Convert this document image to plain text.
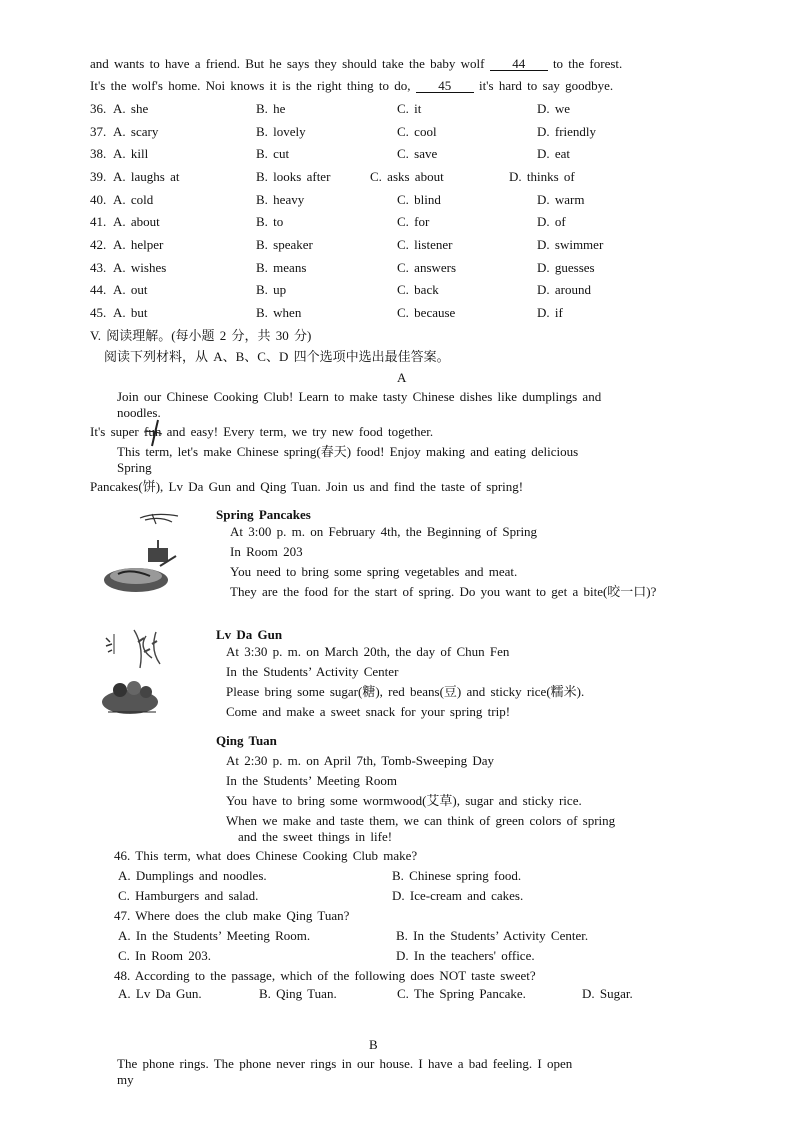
and wants to have a friend. But he says they should take the baby wolf 44 to the forest.
It's the wolf's home. Noi knows it is the right thing to do, 45 it's hard to say goodbye.
36. A. she	B. he	C. it	D. we
37. A. scary	B. lovely	C. cool	D. friendly
38. A. kill	B. cut	C. save	D. eat
39. A. laughs at	B. looks after	C. asks about	D. thinks of
40. A. cold	B. heavy	C. blind	D. warm
41. A. about	B. to	C. for	D. of
42. A. helper	B. speaker	C. listener	D. swimmer
43. A. wishes	B. means	C. answers	D. guesses
44. A. out	B. up	C. back	D. around
45. A. but	B. when	C. because	D. if
V. 阅读理解。(每小题 2 分，共 30 分)
阅读下列材料，从 A、B、C、D 四个选项中选出最佳答案。
A
Join our Chinese Cooking Club! Learn to make tasty Chinese dishes like dumplings and
noodles.
It's super fun and easy! Every term, we try new food together.
This term, let's make Chinese spring(春天) food! Enjoy making and eating delicious
Spring
Pancakes(饼), Lv Da Gun and Qing Tuan. Join us and find the taste of spring!
Spring Pancakes
At 3:00 p. m. on February 4th, the Beginning of Spring
In Room 203
You need to bring some spring vegetables and meat.
They are the food for the start of spring. Do you want to get a bite(咬一口)?
Lv Da Gun
At 3:30 p. m. on March 20th, the day of Chun Fen
In the Students’ Activity Center
Please bring some sugar(糖), red beans(豆) and sticky rice(糯米).
Come and make a sweet snack for your spring trip!
Qing Tuan
At 2:30 p. m. on April 7th, Tomb-Sweeping Day
In the Students’ Meeting Room
You have to bring some wormwood(艾草), sugar and sticky rice.
When we make and taste them, we can think of green colors of spring
and the sweet things in life!
46. This term, what does Chinese Cooking Club make?
A. Dumplings and noodles.	B. Chinese spring food.
C. Hamburgers and salad.	D. Ice-cream and cakes.
47. Where does the club make Qing Tuan?
A. In the Students’ Meeting Room.	B. In the Students’ Activity Center.
C. In Room 203.	D. In the teachers' office.
48. According to the passage, which of the following does NOT taste sweet?
A. Lv Da Gun.	B. Qing Tuan.	C. The Spring Pancake.	D. Sugar.
B
The phone rings. The phone never rings in our house. I have a bad feeling. I open
my
